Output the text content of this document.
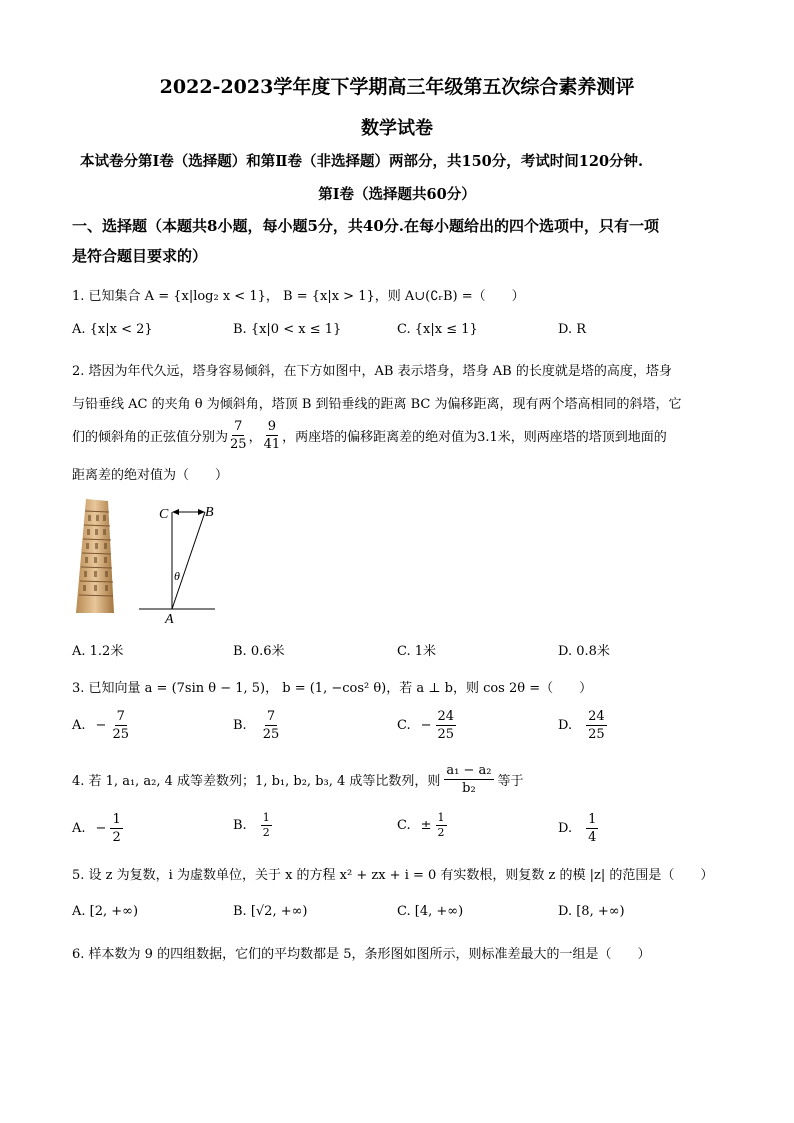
2022-2023学年度下学期高三年级第五次综合素养测评
数学试卷
本试卷分第Ⅰ卷（选择题）和第Ⅱ卷（非选择题）两部分，共150分，考试时间120分钟.
第Ⅰ卷（选择题共60分）
一、选择题（本题共8小题，每小题5分，共40分.在每小题给出的四个选项中，只有一项
是符合题目要求的）
1. 已知集合 A = {x|log₂ x < 1}， B = {x|x > 1}，则 A∪(∁ᵣB) =（　　）
A. {x|x < 2}	B. {x|0 < x ≤ 1}	C. {x|x ≤ 1}	D. R
2. 塔因为年代久远，塔身容易倾斜，在下方如图中，AB 表示塔身，塔身 AB 的长度就是塔的高度，塔身
与铅垂线 AC 的夹角 θ 为倾斜角，塔顶 B 到铅垂线的距离 BC 为偏移距离，现有两个塔高相同的斜塔，它
们的倾斜角的正弦值分别为 $\frac{7}{25}$ ， $\frac{9}{41}$ ，两座塔的偏移距离差的绝对值为3.1米，则两座塔的塔顶到地面的
距离差的绝对值为（　　）
C	B
θ
A
A. 1.2米	B. 0.6米	C. 1米	D. 0.8米
3. 已知向量 a = (7sin θ − 1, 5)， b = (1, −cos² θ)，若 a ⊥ b，则 cos 2θ =（　　）
A. − $\frac{7}{25}$	B. $\frac{7}{25}$	C. − $\frac{24}{25}$	D. $\frac{24}{25}$
4. 若 1, a₁, a₂, 4 成等差数列；1, b₁, b₂, b₃, 4 成等比数列，则 $\frac{\text{a₁ − a₂}}{\text{b₂}}$ 等于
A. − $\frac{1}{2}$	B. $\frac{1}{2}$	C. ± $\frac{1}{2}$	D. $\frac{1}{4}$
5. 设 z 为复数，i 为虚数单位，关于 x 的方程 x² + zx + i = 0 有实数根，则复数 z 的模 |z| 的范围是（　　）
A. [2, +∞)	B. [√2, +∞)	C. [4, +∞)	D. [8, +∞)
6. 样本数为 9 的四组数据，它们的平均数都是 5，条形图如图所示，则标准差最大的一组是（　　）
